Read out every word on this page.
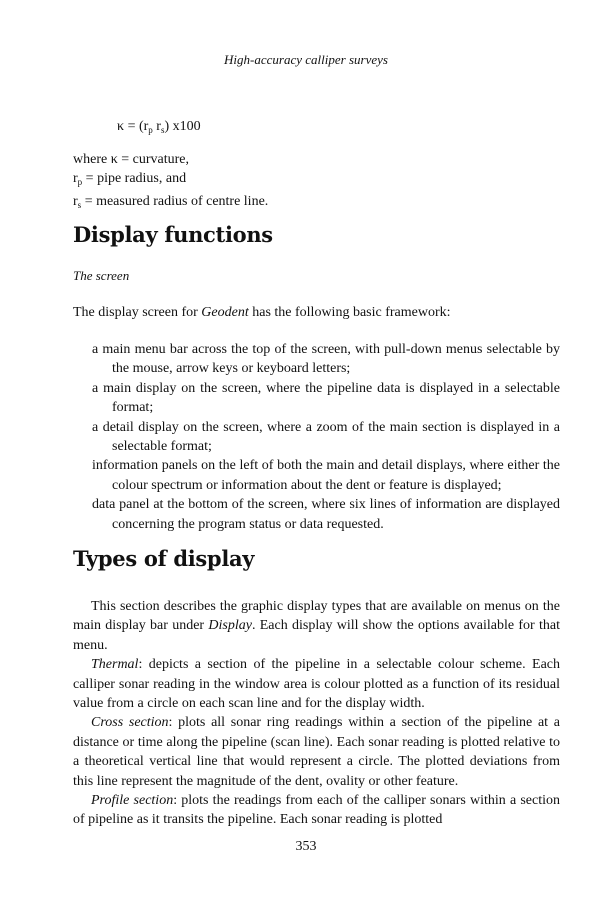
High-accuracy calliper surveys
$\kappa = (r_p$ $r_s$) x100
where κ = curvature,
$r_p$ = pipe radius, and
$r_s$ = measured radius of centre line.
Display functions
The screen
The display screen for Geodent has the following basic framework:
a main menu bar across the top of the screen, with pull-down menus selectable by the mouse, arrow keys or keyboard letters;
a main display on the screen, where the pipeline data is displayed in a selectable format;
a detail display on the screen, where a zoom of the main section is displayed in a selectable format;
information panels on the left of both the main and detail displays, where either the colour spectrum or information about the dent or feature is displayed;
data panel at the bottom of the screen, where six lines of information are displayed concerning the program status or data requested.
Types of display

This section describes the graphic display types that are available on menus on the main display bar under Display. Each display will show the options available for that menu.

Thermal: depicts a section of the pipeline in a selectable colour scheme. Each calliper sonar reading in the window area is colour plotted as a function of its residual value from a circle on each scan line and for the display width.

Cross section: plots all sonar ring readings within a section of the pipeline at a distance or time along the pipeline (scan line). Each sonar reading is plotted relative to a theoretical vertical line that would represent a circle. The plotted deviations from this line represent the magnitude of the dent, ovality or other feature.

Profile section: plots the readings from each of the calliper sonars within a section of pipeline as it transits the pipeline. Each sonar reading is plotted

353
